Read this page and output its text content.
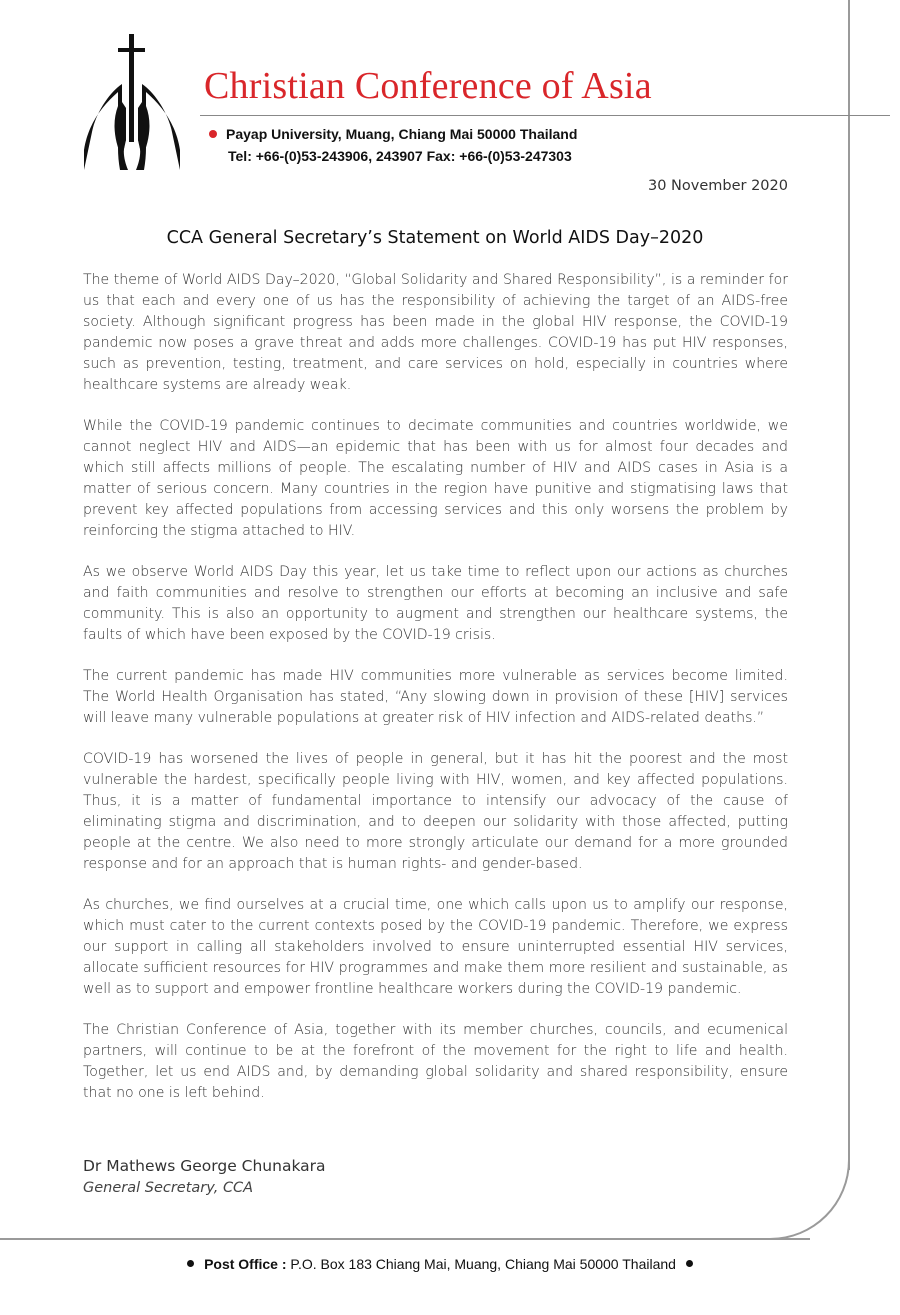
Christian Conference of Asia
Payap University, Muang, Chiang Mai 50000 Thailand
Tel: +66-(0)53-243906, 243907 Fax: +66-(0)53-247303
30 November 2020
CCA General Secretary’s Statement on World AIDS Day–2020

The theme of World AIDS Day–2020, “Global Solidarity and Shared Responsibility”, is a reminder for us that each and every one of us has the responsibility of achieving the target of an AIDS-free society. Although significant progress has been made in the global HIV response, the COVID-19 pandemic now poses a grave threat and adds more challenges. COVID-19 has put HIV responses, such as prevention, testing, treatment, and care services on hold, especially in countries where healthcare systems are already weak.

While the COVID-19 pandemic continues to decimate communities and countries worldwide, we cannot neglect HIV and AIDS—an epidemic that has been with us for almost four decades and which still affects millions of people. The escalating number of HIV and AIDS cases in Asia is a matter of serious concern. Many countries in the region have punitive and stigmatising laws that prevent key affected populations from accessing services and this only worsens the problem by reinforcing the stigma attached to HIV.

As we observe World AIDS Day this year, let us take time to reflect upon our actions as churches and faith communities and resolve to strengthen our efforts at becoming an inclusive and safe community. This is also an opportunity to augment and strengthen our healthcare systems, the faults of which have been exposed by the COVID-19 crisis.

The current pandemic has made HIV communities more vulnerable as services become limited. The World Health Organisation has stated, “Any slowing down in provision of these [HIV] services will leave many vulnerable populations at greater risk of HIV infection and AIDS-related deaths.”

COVID-19 has worsened the lives of people in general, but it has hit the poorest and the most vulnerable the hardest, specifically people living with HIV, women, and key affected populations. Thus, it is a matter of fundamental importance to intensify our advocacy of the cause of eliminating stigma and discrimination, and to deepen our solidarity with those affected, putting people at the centre. We also need to more strongly articulate our demand for a more grounded response and for an approach that is human rights- and gender-based.

As churches, we find ourselves at a crucial time, one which calls upon us to amplify our response, which must cater to the current contexts posed by the COVID-19 pandemic. Therefore, we express our support in calling all stakeholders involved to ensure uninterrupted essential HIV services, allocate sufficient resources for HIV programmes and make them more resilient and sustainable, as well as to support and empower frontline healthcare workers during the COVID-19 pandemic.

The Christian Conference of Asia, together with its member churches, councils, and ecumenical partners, will continue to be at the forefront of the movement for the right to life and health. Together, let us end AIDS and, by demanding global solidarity and shared responsibility, ensure that no one is left behind.

Dr Mathews George Chunakara
General Secretary, CCA
Post Office : P.O. Box 183 Chiang Mai, Muang, Chiang Mai 50000 Thailand
